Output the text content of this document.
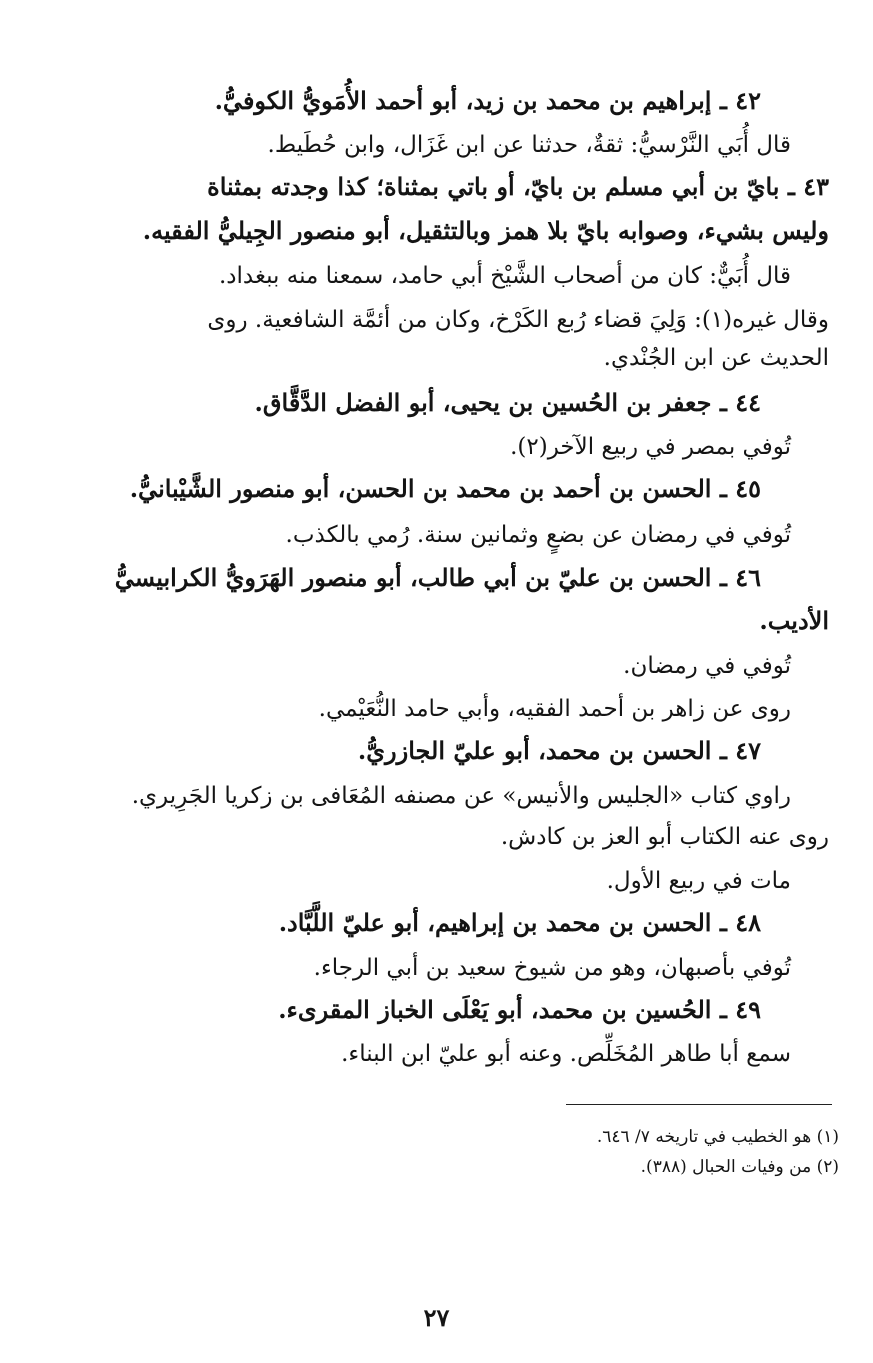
٤٢ ـ إبراهيم بن محمد بن زيد، أبو أحمد الأُمَويُّ الكوفيُّ.
قال أُبَي النَّرْسيُّ: ثقةٌ، حدثنا عن ابن غَزَال، وابن حُطَيط.
٤٣ ـ بايّ بن أبي مسلم بن بايّ، أو باتي بمثناة؛ كذا وجدته بمثناة
وليس بشيء، وصوابه بايّ بلا همز وبالتثقيل، أبو منصور الجِيليُّ الفقيه.
قال أُبَيٌّ: كان من أصحاب الشَّيْخ أبي حامد، سمعنا منه ببغداد.
وقال غيره(١): وَلِيَ قضاء رُبع الكَرْخ، وكان من أئمَّة الشافعية. روى
الحديث عن ابن الجُنْدي.
٤٤ ـ جعفر بن الحُسين بن يحيى، أبو الفضل الدَّقَّاق.
تُوفي بمصر في ربيع الآخر(٢).
٤٥ ـ الحسن بن أحمد بن محمد بن الحسن، أبو منصور الشَّيْبانيُّ.
تُوفي في رمضان عن بضعٍ وثمانين سنة. رُمي بالكذب.
٤٦ ـ الحسن بن عليّ بن أبي طالب، أبو منصور الهَرَويُّ الكرابيسيُّ
الأديب.
تُوفي في رمضان.
روى عن زاهر بن أحمد الفقيه، وأبي حامد النُّعَيْمي.
٤٧ ـ الحسن بن محمد، أبو عليّ الجازريُّ.
راوي كتاب «الجليس والأنيس» عن مصنفه المُعَافى بن زكريا الجَرِيري.
روى عنه الكتاب أبو العز بن كادش.
مات في ربيع الأول.
٤٨ ـ الحسن بن محمد بن إبراهيم، أبو عليّ اللَّبَّاد.
تُوفي بأصبهان، وهو من شيوخ سعيد بن أبي الرجاء.
٤٩ ـ الحُسين بن محمد، أبو يَعْلَى الخباز المقرىء.
سمع أبا طاهر المُخَلِّص. وعنه أبو عليّ ابن البناء.
(١) هو الخطيب في تاريخه ٧/ ٦٤٦.
(٢) من وفيات الحبال (٣٨٨).
٢٧
